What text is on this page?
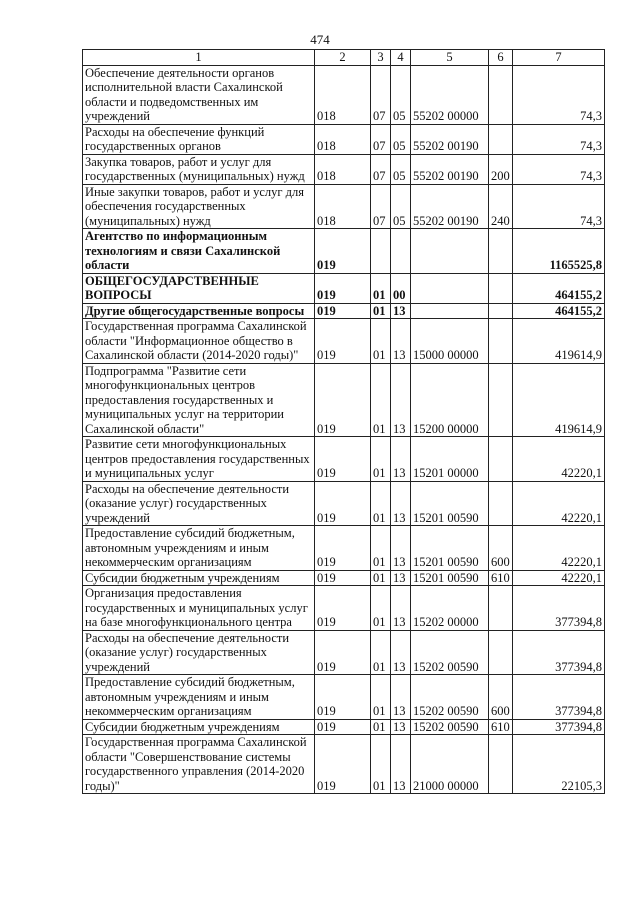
474
1	2	3	4	5	6	7
Обеспечение деятельности органов исполнительной власти Сахалинской области и подведомственных им учреждений	018	07	05	55202 00000		74,3
Расходы на обеспечение функций государственных органов	018	07	05	55202 00190		74,3
Закупка товаров, работ и услуг для государственных (муниципальных) нужд	018	07	05	55202 00190	200	74,3
Иные закупки товаров, работ и услуг для обеспечения государственных (муниципальных) нужд	018	07	05	55202 00190	240	74,3
Агентство по информационным технологиям и связи Сахалинской области	019					1165525,8
ОБЩЕГОСУДАРСТВЕННЫЕ ВОПРОСЫ	019	01	00			464155,2
Другие общегосударственные вопросы	019	01	13			464155,2
Государственная программа Сахалинской области "Информационное общество в Сахалинской области (2014-2020 годы)"	019	01	13	15000 00000		419614,9
Подпрограмма "Развитие сети многофункциональных центров предоставления государственных и муниципальных услуг на территории Сахалинской области"	019	01	13	15200 00000		419614,9
Развитие сети многофункциональных центров предоставления государственных и муниципальных услуг	019	01	13	15201 00000		42220,1
Расходы на обеспечение деятельности (оказание услуг) государственных учреждений	019	01	13	15201 00590		42220,1
Предоставление субсидий бюджетным, автономным учреждениям и иным некоммерческим организациям	019	01	13	15201 00590	600	42220,1
Субсидии бюджетным учреждениям	019	01	13	15201 00590	610	42220,1
Организация предоставления государственных и муниципальных услуг на базе многофункционального центра	019	01	13	15202 00000		377394,8
Расходы на обеспечение деятельности (оказание услуг) государственных учреждений	019	01	13	15202 00590		377394,8
Предоставление субсидий бюджетным, автономным учреждениям и иным некоммерческим организациям	019	01	13	15202 00590	600	377394,8
Субсидии бюджетным учреждениям	019	01	13	15202 00590	610	377394,8
Государственная программа Сахалинской области "Совершенствование системы государственного управления (2014-2020 годы)"	019	01	13	21000 00000		22105,3
